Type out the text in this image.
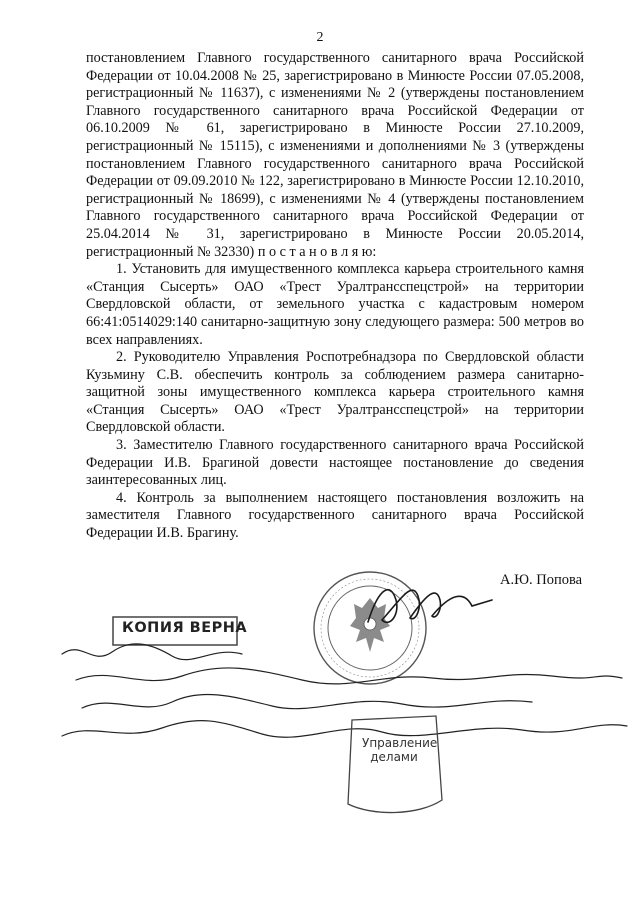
2

постановлением Главного государственного санитарного врача Российской Федерации от 10.04.2008 № 25, зарегистрировано в Минюсте России 07.05.2008, регистрационный № 11637), с изменениями № 2 (утверждены постановлением Главного государственного санитарного врача Российской Федерации от 06.10.2009 № 61, зарегистрировано в Минюсте России 27.10.2009, регистрационный № 15115), с изменениями и дополнениями № 3 (утверждены постановлением Главного государственного санитарного врача Российской Федерации от 09.09.2010 № 122, зарегистрировано в Минюсте России 12.10.2010, регистрационный № 18699), с изменениями № 4 (утверждены постановлением Главного государственного санитарного врача Российской Федерации от 25.04.2014 № 31, зарегистрировано в Минюсте России 20.05.2014, регистрационный № 32330) п о с т а н о в л я ю:

1. Установить для имущественного комплекса карьера строительного камня «Станция Сысерть» ОАО «Трест Уралтрансспецстрой» на территории Свердловской области, от земельного участка с кадастровым номером 66:41:0514029:140 санитарно-защитную зону следующего размера: 500 метров во всех направлениях.

2. Руководителю Управления Роспотребнадзора по Свердловской области Кузьмину С.В. обеспечить контроль за соблюдением размера санитарно-защитной зоны имущественного комплекса карьера строительного камня «Станция Сысерть» ОАО «Трест Уралтрансспецстрой» на территории Свердловской области.

3. Заместителю Главного государственного санитарного врача Российской Федерации И.В. Брагиной довести настоящее постановление до сведения заинтересованных лиц.

4. Контроль за выполнением настоящего постановления возложить на заместителя Главного государственного санитарного врача Российской Федерации И.В. Брагину.

А.Ю. Попова
КОПИЯ ВЕРНА
Управление делами
